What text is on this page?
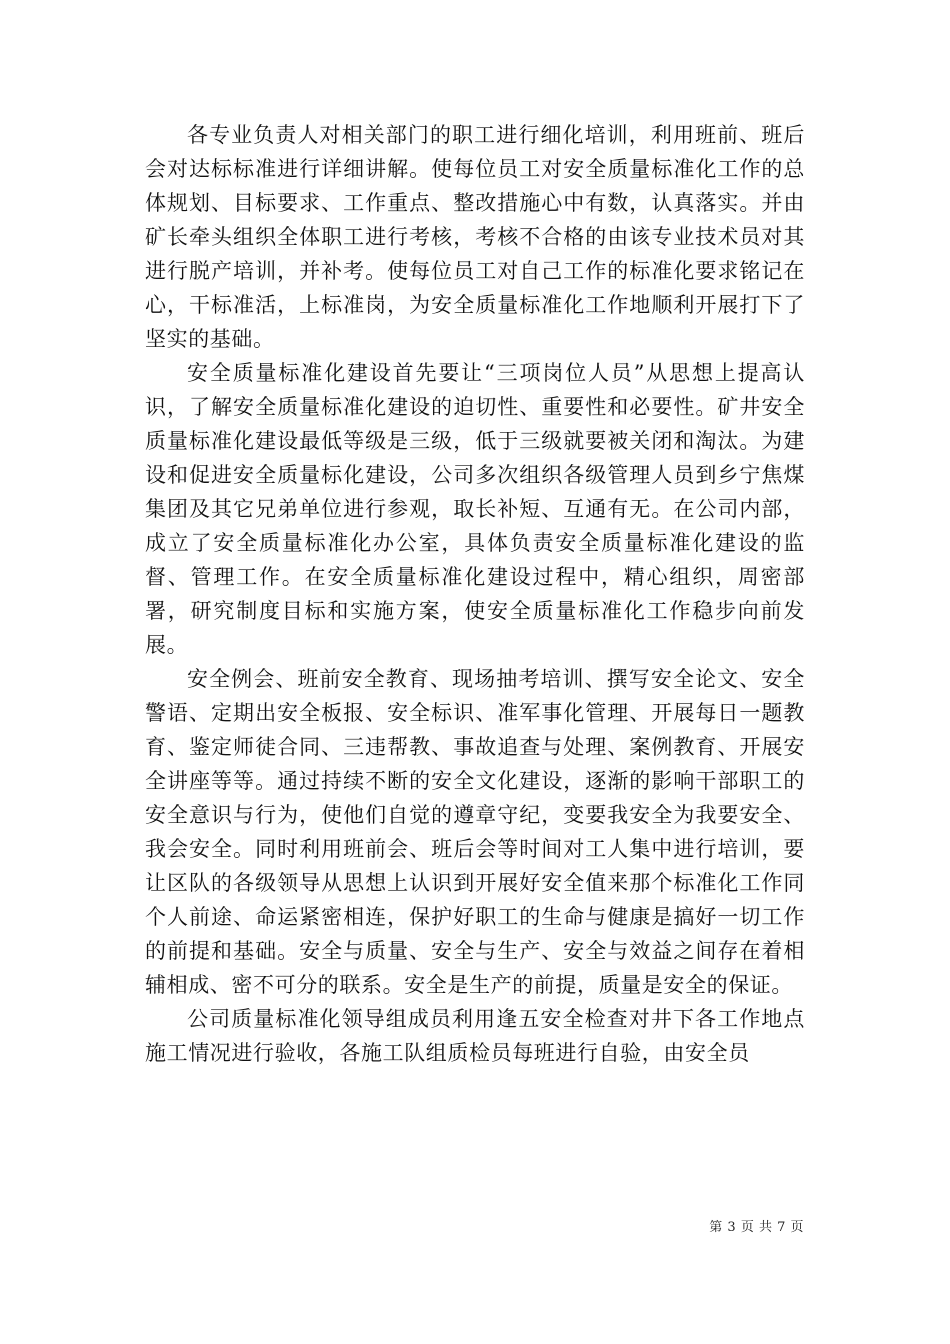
各专业负责人对相关部门的职工进行细化培训，利用班前、班后会对达标标准进行详细讲解。使每位员工对安全质量标准化工作的总体规划、目标要求、工作重点、整改措施心中有数，认真落实。并由矿长牵头组织全体职工进行考核，考核不合格的由该专业技术员对其进行脱产培训，并补考。使每位员工对自己工作的标准化要求铭记在心，干标准活，上标准岗，为安全质量标准化工作地顺利开展打下了坚实的基础。

安全质量标准化建设首先要让“三项岗位人员”从思想上提高认识，了解安全质量标准化建设的迫切性、重要性和必要性。矿井安全质量标准化建设最低等级是三级，低于三级就要被关闭和淘汰。为建设和促进安全质量标化建设，公司多次组织各级管理人员到乡宁焦煤集团及其它兄弟单位进行参观，取长补短、互通有无。在公司内部，成立了安全质量标准化办公室，具体负责安全质量标准化建设的监督、管理工作。在安全质量标准化建设过程中，精心组织，周密部署，研究制度目标和实施方案，使安全质量标准化工作稳步向前发展。

安全例会、班前安全教育、现场抽考培训、撰写安全论文、安全警语、定期出安全板报、安全标识、准军事化管理、开展每日一题教育、鉴定师徒合同、三违帮教、事故追查与处理、案例教育、开展安全讲座等等。通过持续不断的安全文化建设，逐渐的影响干部职工的安全意识与行为，使他们自觉的遵章守纪，变要我安全为我要安全、我会安全。同时利用班前会、班后会等时间对工人集中进行培训，要让区队的各级领导从思想上认识到开展好安全值来那个标准化工作同个人前途、命运紧密相连，保护好职工的生命与健康是搞好一切工作的前提和基础。安全与质量、安全与生产、安全与效益之间存在着相辅相成、密不可分的联系。安全是生产的前提，质量是安全的保证。

公司质量标准化领导组成员利用逢五安全检查对井下各工作地点施工情况进行验收，各施工队组质检员每班进行自验，由安全员

第 3 页 共 7 页
